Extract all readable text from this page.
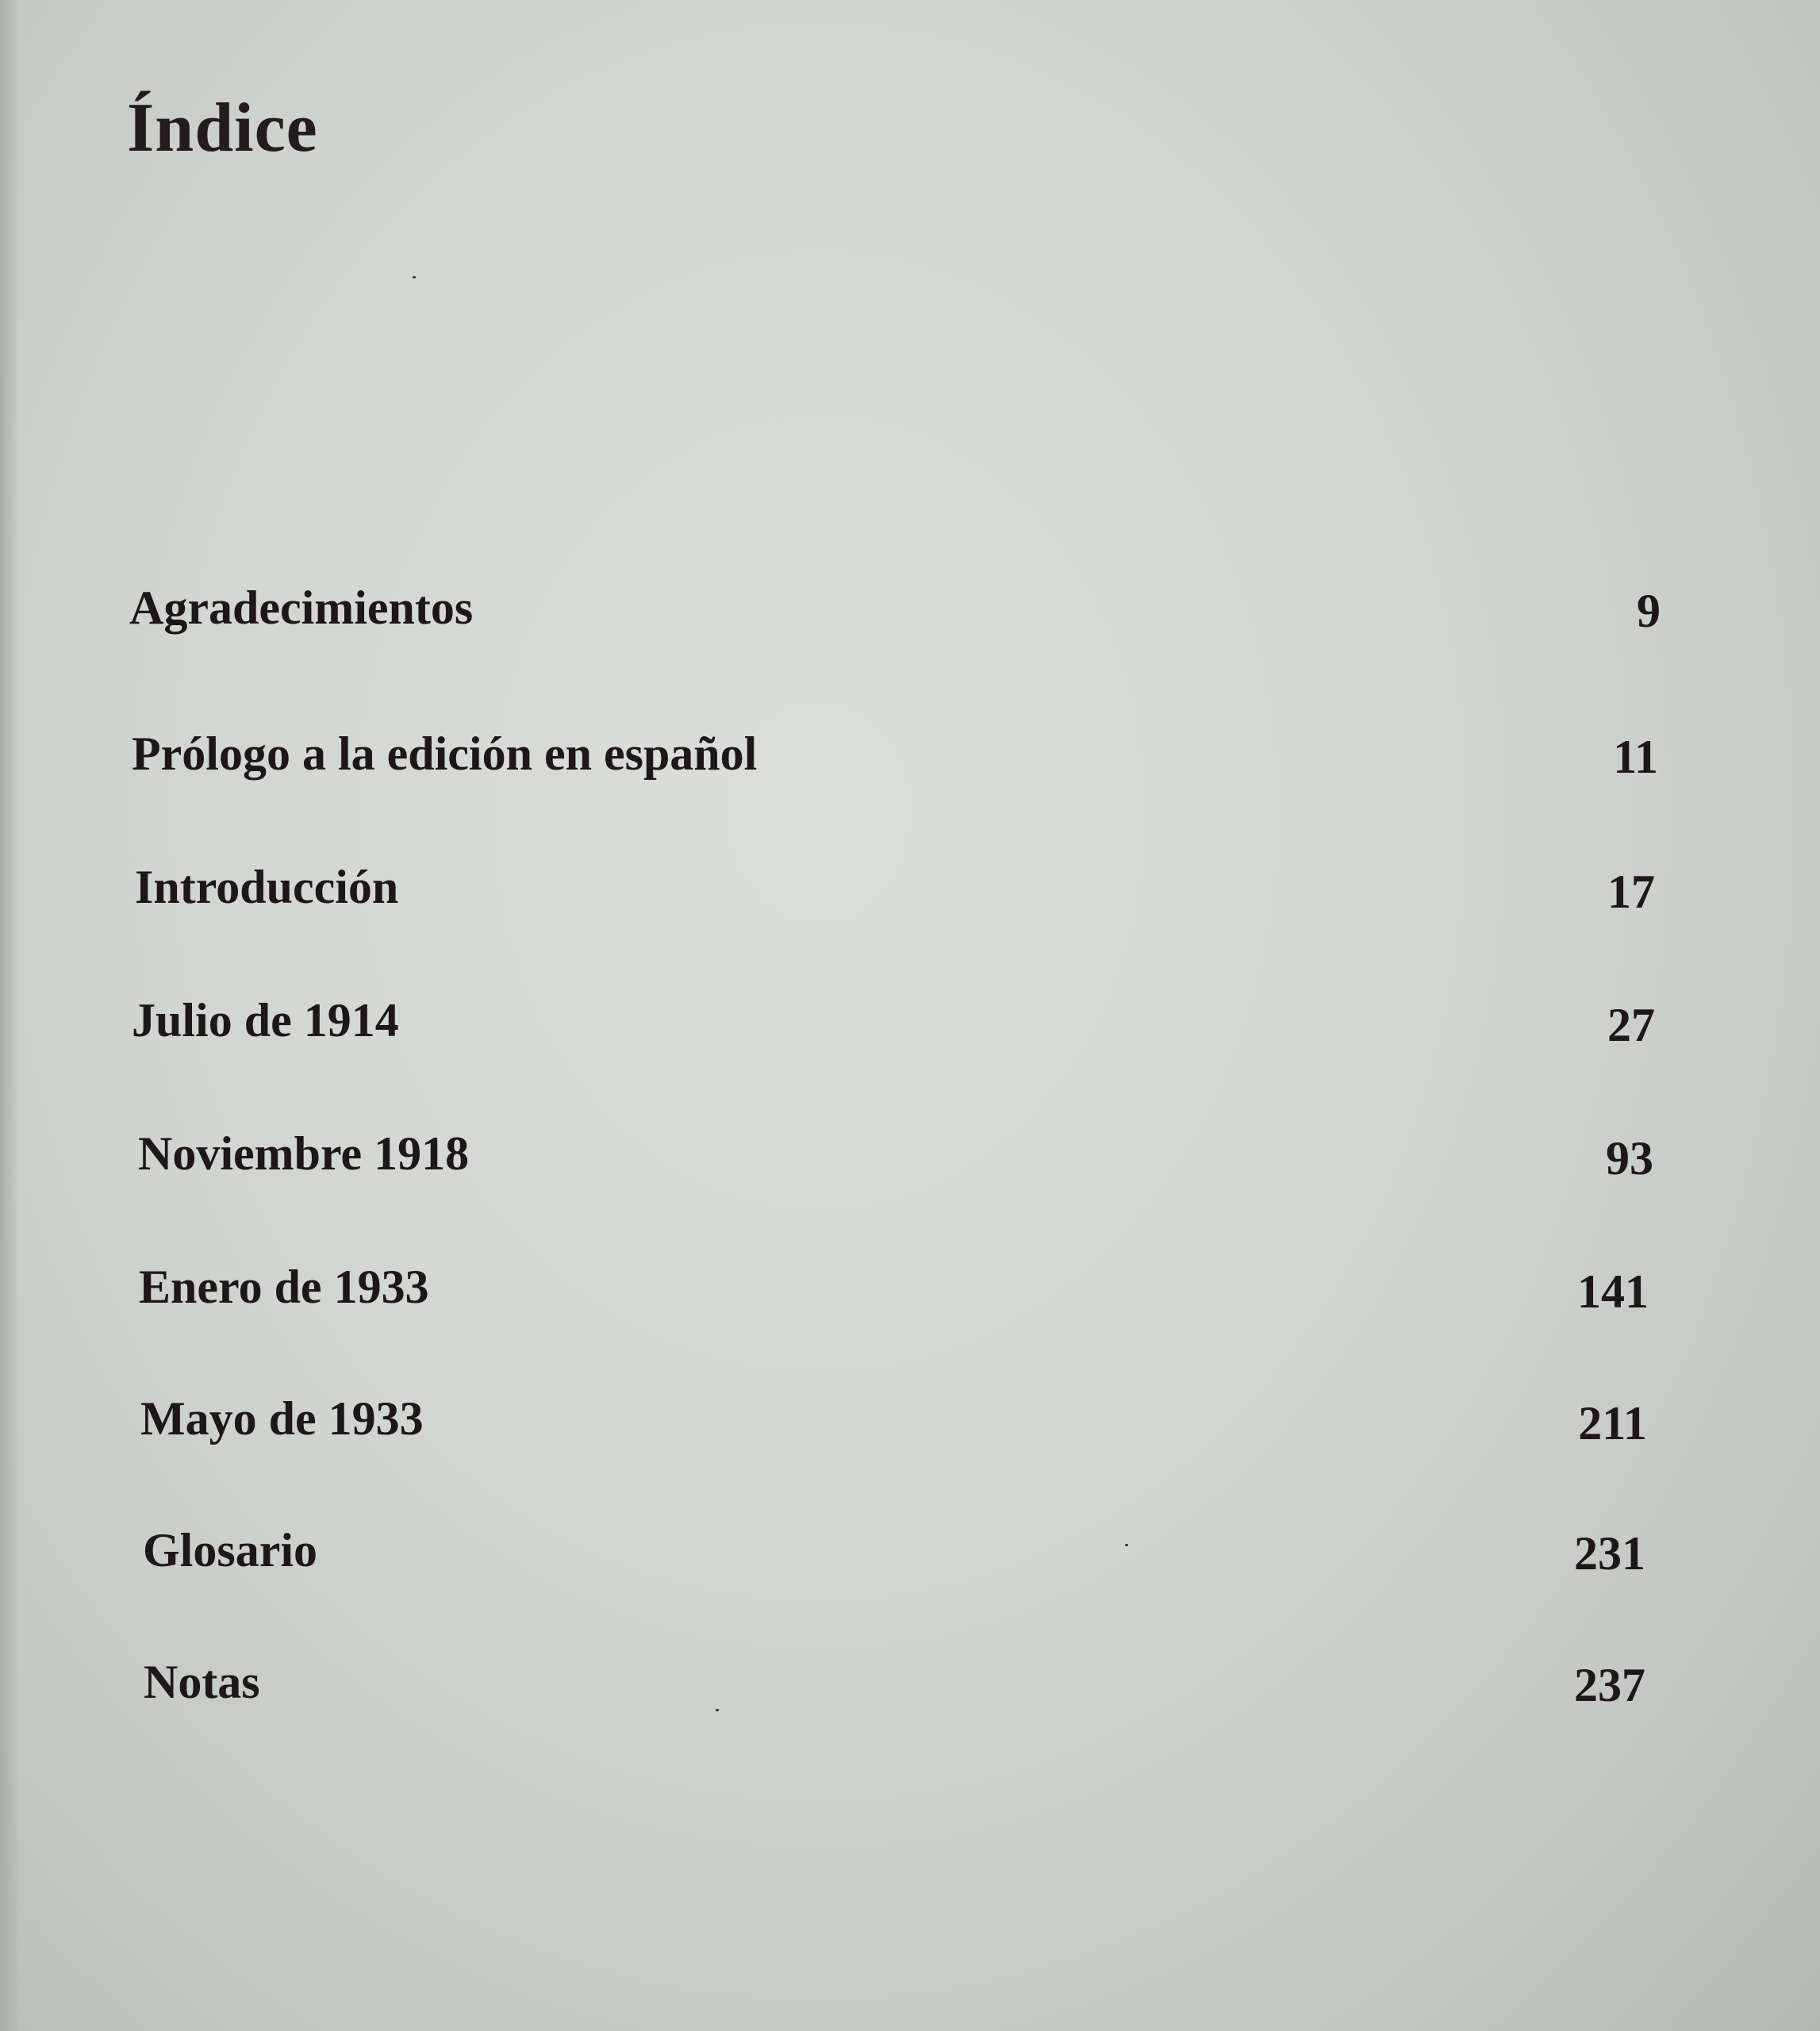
Índice
Agradecimientos	9
Prólogo a la edición en español	11
Introducción	17
Julio de 1914	27
Noviembre 1918	93
Enero de 1933	141
Mayo de 1933	211
Glosario	231
Notas	237
